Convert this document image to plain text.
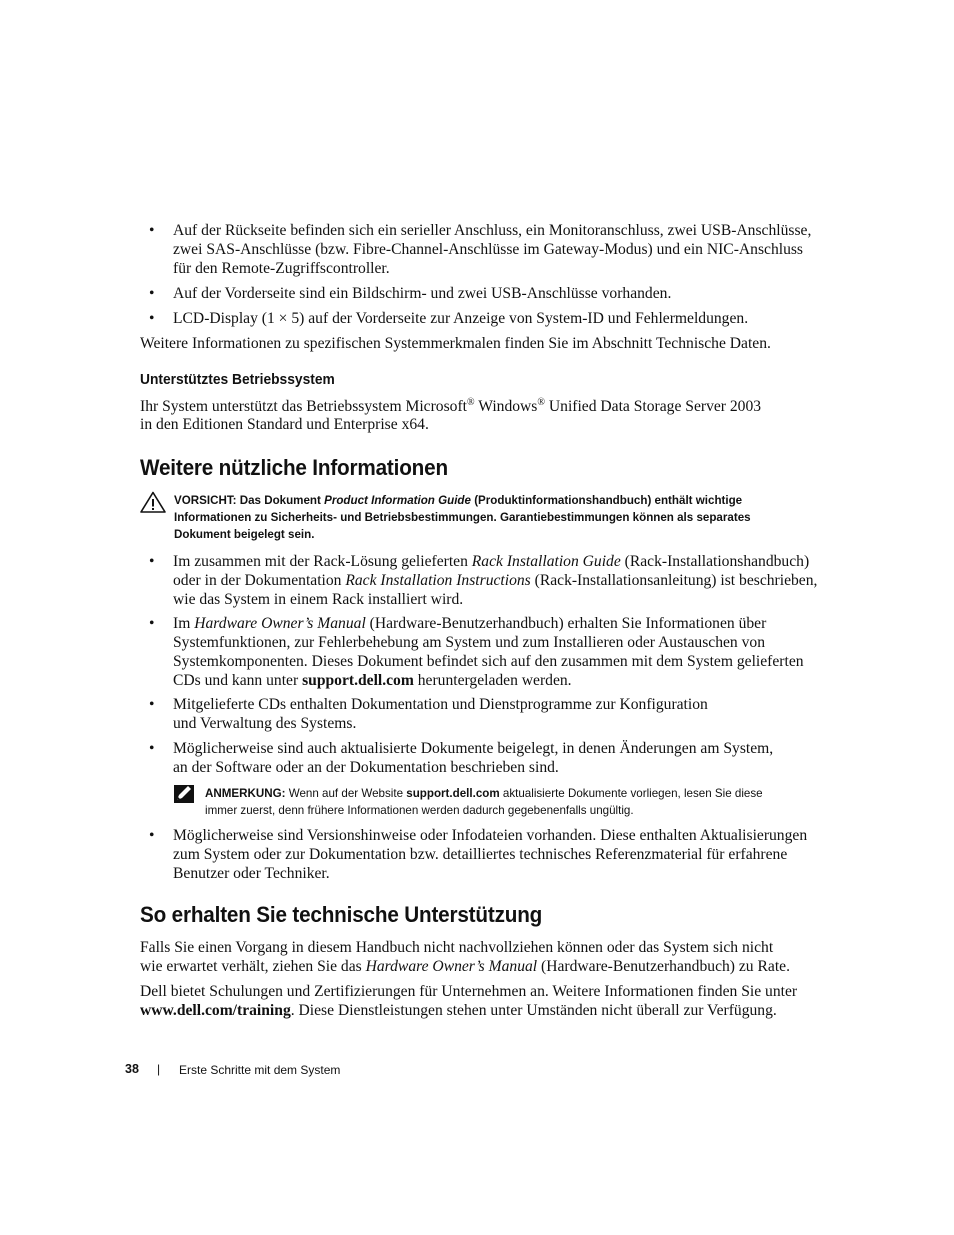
• Auf der Rückseite befinden sich ein serieller Anschluss, ein Monitoranschluss, zwei USB-Anschlüsse, zwei SAS-Anschlüsse (bzw. Fibre-Channel-Anschlüsse im Gateway-Modus) und ein NIC-Anschluss für den Remote-Zugriffscontroller.
• Auf der Vorderseite sind ein Bildschirm- und zwei USB-Anschlüsse vorhanden.
• LCD-Display (1 × 5) auf der Vorderseite zur Anzeige von System-ID und Fehlermeldungen.
Weitere Informationen zu spezifischen Systemmerkmalen finden Sie im Abschnitt Technische Daten.
Unterstütztes Betriebssystem
Ihr System unterstützt das Betriebssystem Microsoft® Windows® Unified Data Storage Server 2003
in den Editionen Standard und Enterprise x64.
Weitere nützliche Informationen
VORSICHT: Das Dokument Product Information Guide (Produktinformationshandbuch) enthält wichtige Informationen zu Sicherheits- und Betriebsbestimmungen. Garantiebestimmungen können als separates Dokument beigelegt sein.
• Im zusammen mit der Rack-Lösung gelieferten Rack Installation Guide (Rack-Installationshandbuch) oder in der Dokumentation Rack Installation Instructions (Rack-Installationsanleitung) ist beschrieben, wie das System in einem Rack installiert wird.
• Im Hardware Owner’s Manual (Hardware-Benutzerhandbuch) erhalten Sie Informationen über Systemfunktionen, zur Fehlerbehebung am System und zum Installieren oder Austauschen von Systemkomponenten. Dieses Dokument befindet sich auf den zusammen mit dem System gelieferten CDs und kann unter support.dell.com heruntergeladen werden.
• Mitgelieferte CDs enthalten Dokumentation und Dienstprogramme zur Konfiguration und Verwaltung des Systems.
• Möglicherweise sind auch aktualisierte Dokumente beigelegt, in denen Änderungen am System, an der Software oder an der Dokumentation beschrieben sind.
ANMERKUNG: Wenn auf der Website support.dell.com aktualisierte Dokumente vorliegen, lesen Sie diese immer zuerst, denn frühere Informationen werden dadurch gegebenenfalls ungültig.
• Möglicherweise sind Versionshinweise oder Infodateien vorhanden. Diese enthalten Aktualisierungen zum System oder zur Dokumentation bzw. detailliertes technisches Referenzmaterial für erfahrene Benutzer oder Techniker.
So erhalten Sie technische Unterstützung
Falls Sie einen Vorgang in diesem Handbuch nicht nachvollziehen können oder das System sich nicht wie erwartet verhält, ziehen Sie das Hardware Owner’s Manual (Hardware-Benutzerhandbuch) zu Rate.
Dell bietet Schulungen und Zertifizierungen für Unternehmen an. Weitere Informationen finden Sie unter www.dell.com/training. Diese Dienstleistungen stehen unter Umständen nicht überall zur Verfügung.
38 | Erste Schritte mit dem System
